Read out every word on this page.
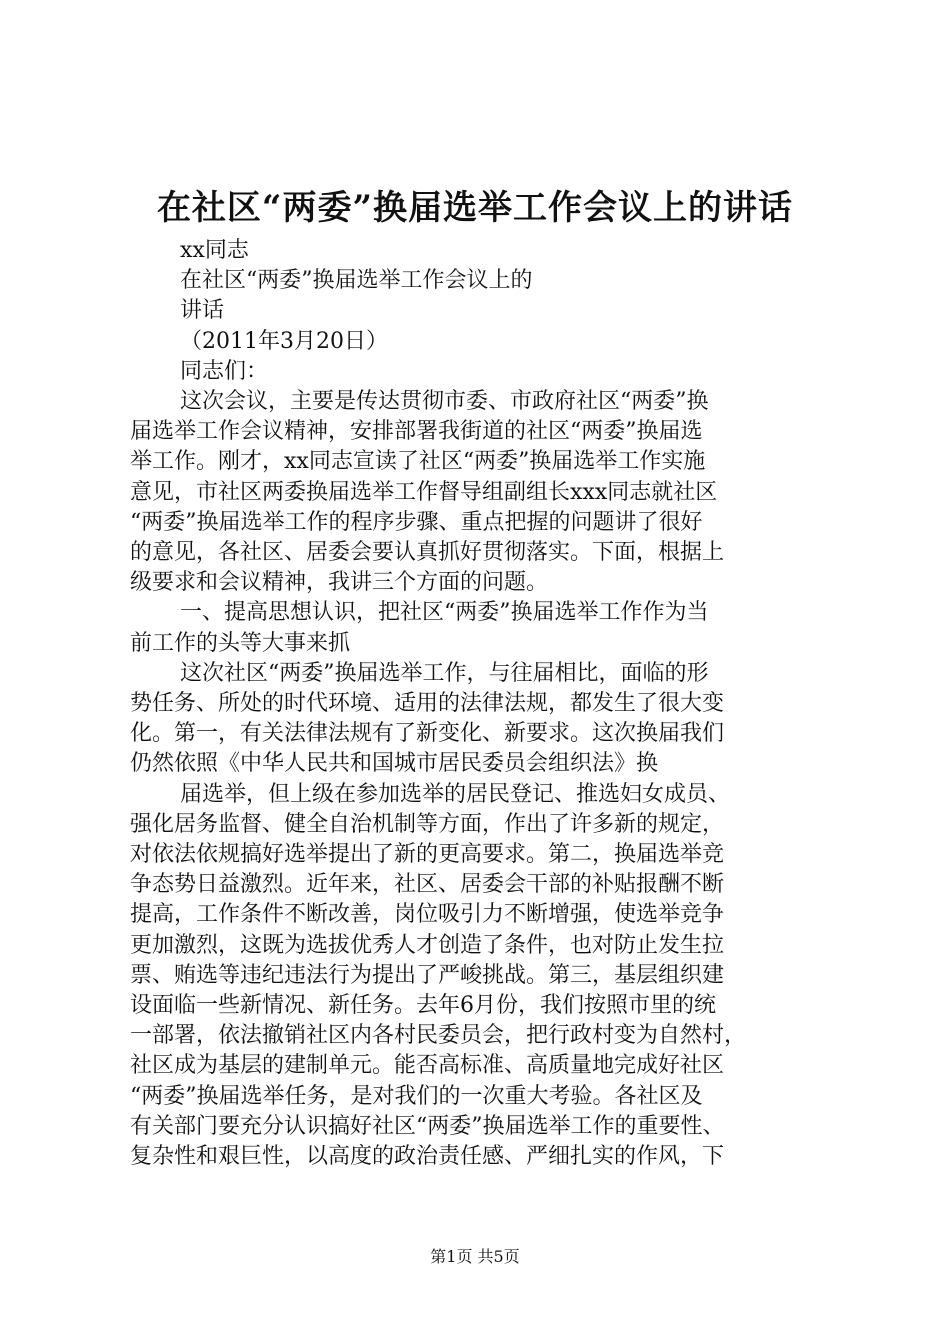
在社区“两委”换届选举工作会议上的讲话
xx同志
在社区“两委”换届选举工作会议上的
讲话
（2011年3月20日）
同志们：
这次会议，主要是传达贯彻市委、市政府社区“两委”换
届选举工作会议精神，安排部署我街道的社区“两委”换届选
举工作。刚才，xx同志宣读了社区“两委”换届选举工作实施
意见，市社区两委换届选举工作督导组副组长xxx同志就社区
“两委”换届选举工作的程序步骤、重点把握的问题讲了很好
的意见，各社区、居委会要认真抓好贯彻落实。下面，根据上
级要求和会议精神，我讲三个方面的问题。
一、提高思想认识，把社区“两委”换届选举工作作为当
前工作的头等大事来抓
这次社区“两委”换届选举工作，与往届相比，面临的形
势任务、所处的时代环境、适用的法律法规，都发生了很大变
化。第一，有关法律法规有了新变化、新要求。这次换届我们
仍然依照《中华人民共和国城市居民委员会组织法》换
届选举，但上级在参加选举的居民登记、推选妇女成员、
强化居务监督、健全自治机制等方面，作出了许多新的规定，
对依法依规搞好选举提出了新的更高要求。第二，换届选举竞
争态势日益激烈。近年来，社区、居委会干部的补贴报酬不断
提高，工作条件不断改善，岗位吸引力不断增强，使选举竞争
更加激烈，这既为选拔优秀人才创造了条件，也对防止发生拉
票、贿选等违纪违法行为提出了严峻挑战。第三，基层组织建
设面临一些新情况、新任务。去年6月份，我们按照市里的统
一部署，依法撤销社区内各村民委员会，把行政村变为自然村，
社区成为基层的建制单元。能否高标准、高质量地完成好社区
“两委”换届选举任务，是对我们的一次重大考验。各社区及
有关部门要充分认识搞好社区“两委”换届选举工作的重要性、
复杂性和艰巨性，以高度的政治责任感、严细扎实的作风，下
第1页 共5页
